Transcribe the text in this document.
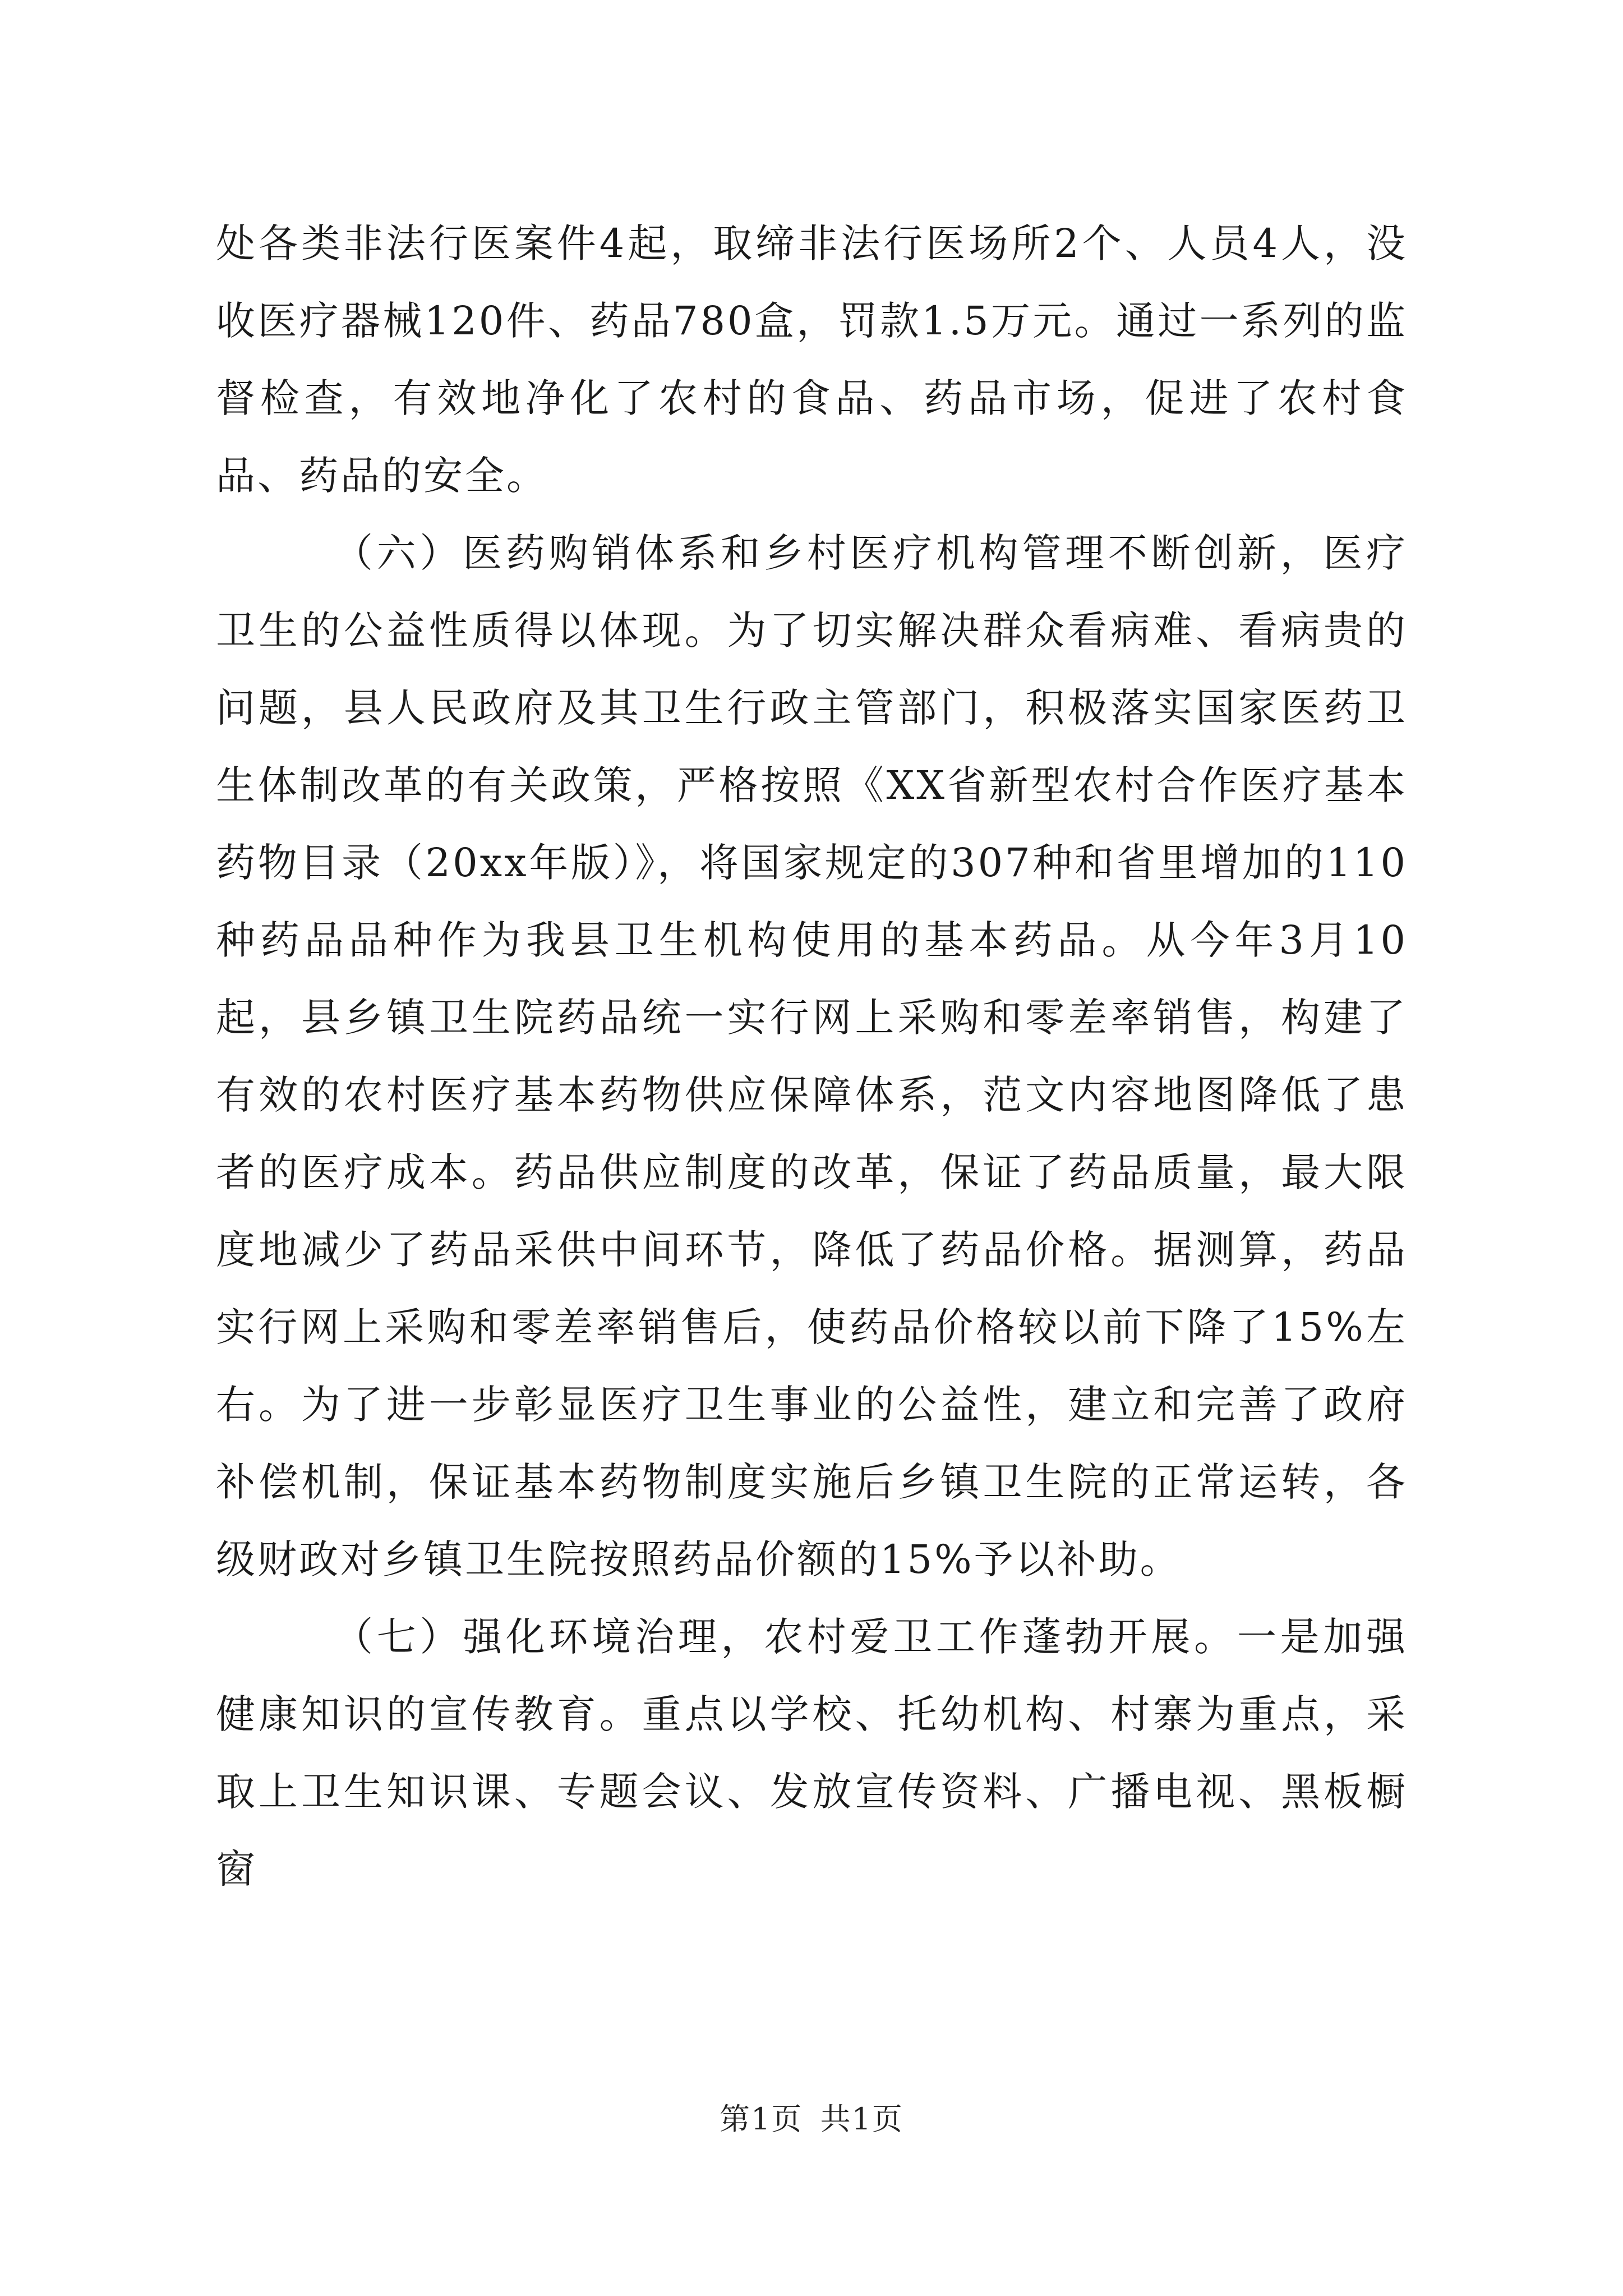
处各类非法行医案件4起，取缔非法行医场所2个、人员4人，没收医疗器械120件、药品780盒，罚款1.5万元。通过一系列的监督检查，有效地净化了农村的食品、药品市场，促进了农村食品、药品的安全。

（六）医药购销体系和乡村医疗机构管理不断创新，医疗卫生的公益性质得以体现。为了切实解决群众看病难、看病贵的问题，县人民政府及其卫生行政主管部门，积极落实国家医药卫生体制改革的有关政策，严格按照《XX省新型农村合作医疗基本药物目录（20xx年版）》，将国家规定的307种和省里增加的110种药品品种作为我县卫生机构使用的基本药品。从今年3月10起，县乡镇卫生院药品统一实行网上采购和零差率销售，构建了有效的农村医疗基本药物供应保障体系，范文内容地图降低了患者的医疗成本。药品供应制度的改革，保证了药品质量，最大限度地减少了药品采供中间环节，降低了药品价格。据测算，药品实行网上采购和零差率销售后，使药品价格较以前下降了15%左右。为了进一步彰显医疗卫生事业的公益性，建立和完善了政府补偿机制，保证基本药物制度实施后乡镇卫生院的正常运转，各级财政对乡镇卫生院按照药品价额的15%予以补助。

（七）强化环境治理，农村爱卫工作蓬勃开展。一是加强健康知识的宣传教育。重点以学校、托幼机构、村寨为重点，采取上卫生知识课、专题会议、发放宣传资料、广播电视、黑板橱窗

第1页 共1页
